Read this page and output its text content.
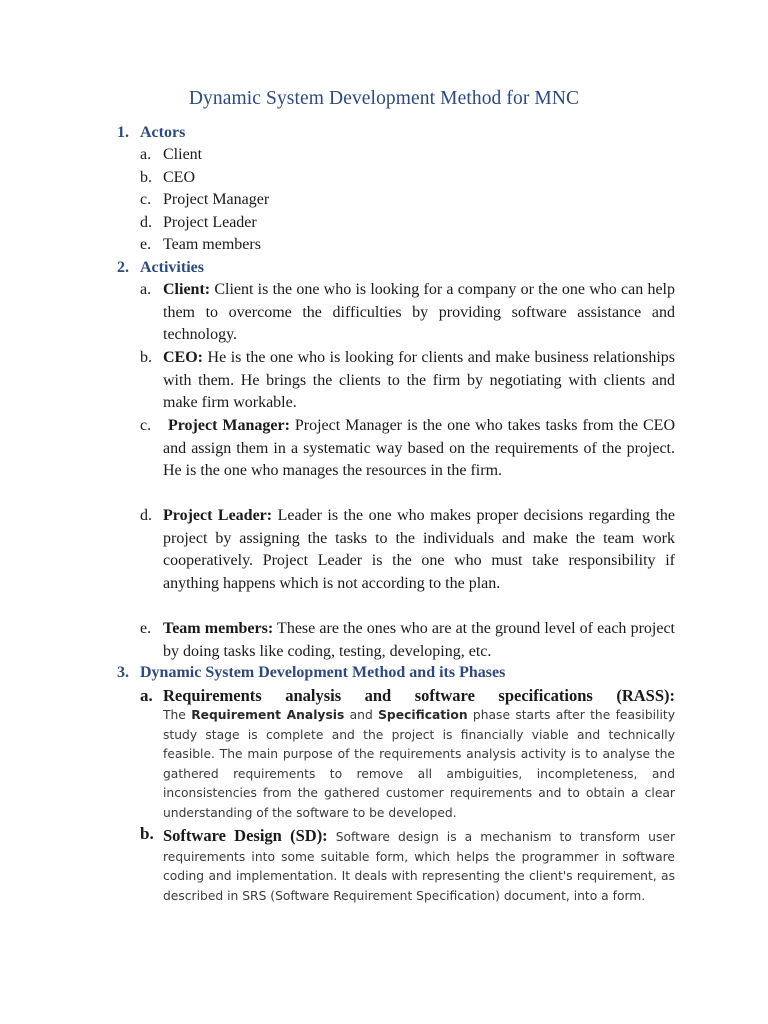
Dynamic System Development Method for MNC
1. Actors
a. Client
b. CEO
c. Project Manager
d. Project Leader
e. Team members
2. Activities
a. Client: Client is the one who is looking for a company or the one who can help them to overcome the difficulties by providing software assistance and technology.
b. CEO: He is the one who is looking for clients and make business relationships with them. He brings the clients to the firm by negotiating with clients and make firm workable.
c.	Project Manager: Project Manager is the one who takes tasks from the CEO and assign them in a systematic way based on the requirements of the project. He is the one who manages the resources in the firm.
d. Project Leader: Leader is the one who makes proper decisions regarding the project by assigning the tasks to the individuals and make the team work cooperatively. Project Leader is the one who must take responsibility if anything happens which is not according to the plan.
e. Team members: These are the ones who are at the ground level of each project by doing tasks like coding, testing, developing, etc.
3. Dynamic System Development Method and its Phases
a. Requirements analysis and software specifications (RASS):
The Requirement Analysis and Specification phase starts after the feasibility study stage is complete and the project is financially viable and technically feasible. The main purpose of the requirements analysis activity is to analyse the gathered requirements to remove all ambiguities, incompleteness, and inconsistencies from the gathered customer requirements and to obtain a clear understanding of the software to be developed.
b. Software Design (SD): Software design is a mechanism to transform user requirements into some suitable form, which helps the programmer in software coding and implementation. It deals with representing the client's requirement, as described in SRS (Software Requirement Specification) document, into a form.
